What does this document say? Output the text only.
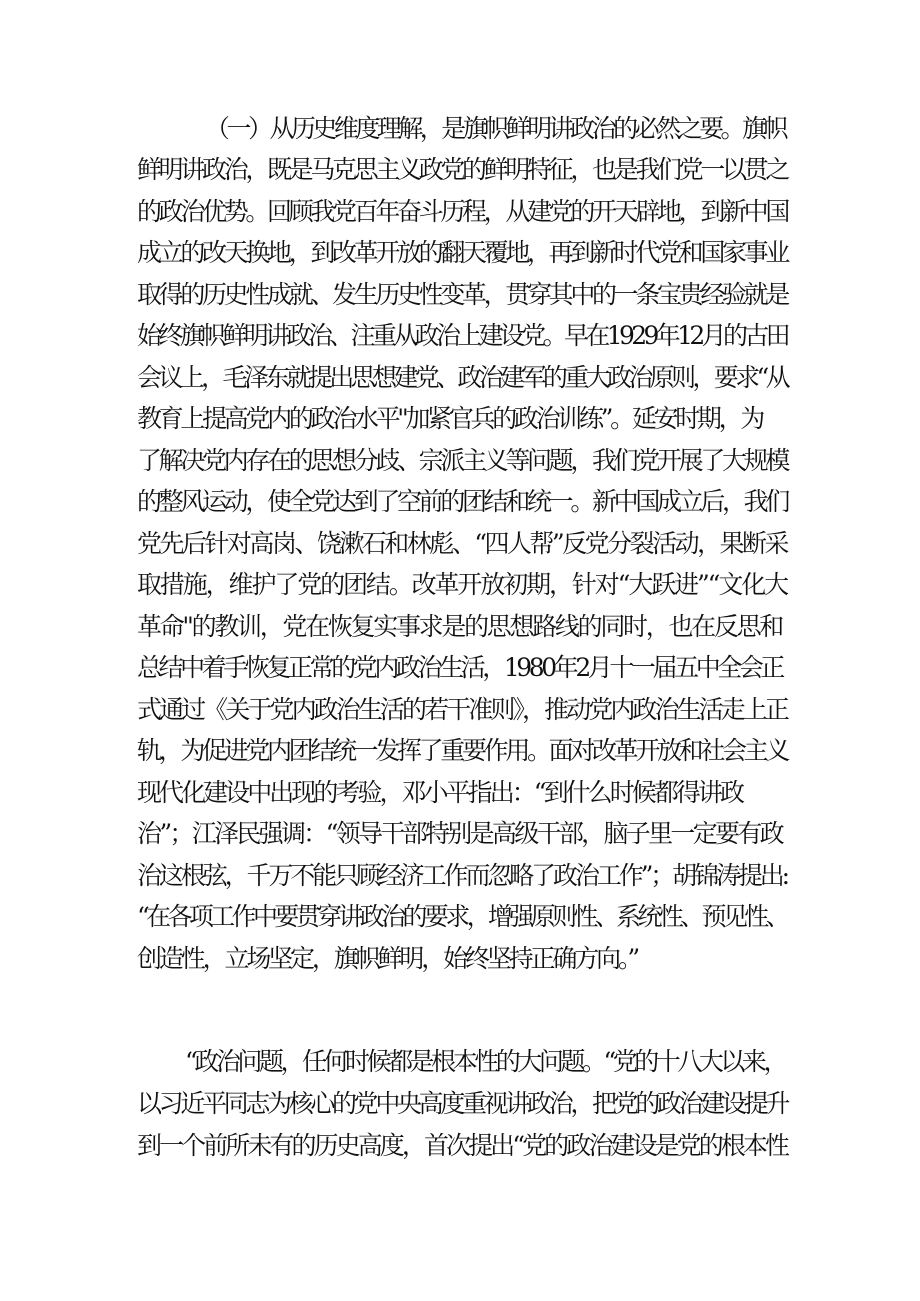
（一）从历史维度理解，是旗帜鲜明讲政治的必然之要。旗帜
鲜明讲政治，既是马克思主义政党的鲜明特征，也是我们党一以贯之
的政治优势。回顾我党百年奋斗历程，从建党的开天辟地，到新中国
成立的改天换地，到改革开放的翻天覆地，再到新时代党和国家事业
取得的历史性成就、发生历史性变革，贯穿其中的一条宝贵经验就是
始终旗帜鲜明讲政治、注重从政治上建设党。早在1929年12月的古田
会议上，毛泽东就提出思想建党、政治建军的重大政治原则，要求“从
教育上提高党内的政治水平"加紧官兵的政治训练”。延安时期，为
了解决党内存在的思想分歧、宗派主义等问题，我们党开展了大规模
的整风运动，使全党达到了空前的团结和统一。新中国成立后，我们
党先后针对高岗、饶漱石和林彪、“四人帮”反党分裂活动，果断采
取措施，维护了党的团结。改革开放初期，针对“大跃进”“文化大
革命''的教训，党在恢复实事求是的思想路线的同时，也在反思和
总结中着手恢复正常的党内政治生活，1980年2月十一届五中全会正
式通过《关于党内政治生活的若干准则》，推动党内政治生活走上正
轨，为促进党内团结统一发挥了重要作用。面对改革开放和社会主义
现代化建设中出现的考验，邓小平指出：“到什么时候都得讲政
治”；江泽民强调：“领导干部特别是高级干部，脑子里一定要有政
治这根弦，千万不能只顾经济工作而忽略了政治工作”；胡锦涛提出:
“在各项工作中要贯穿讲政治的要求，增强原则性、系统性、预见性、
创造性，立场坚定，旗帜鲜明，始终坚持正确方向。”
“政治问题，任何时候都是根本性的大问题。“党的十八大以来，
以习近平同志为核心的党中央高度重视讲政治，把党的政治建设提升
到一个前所未有的历史高度，首次提出“党的政治建设是党的根本性
